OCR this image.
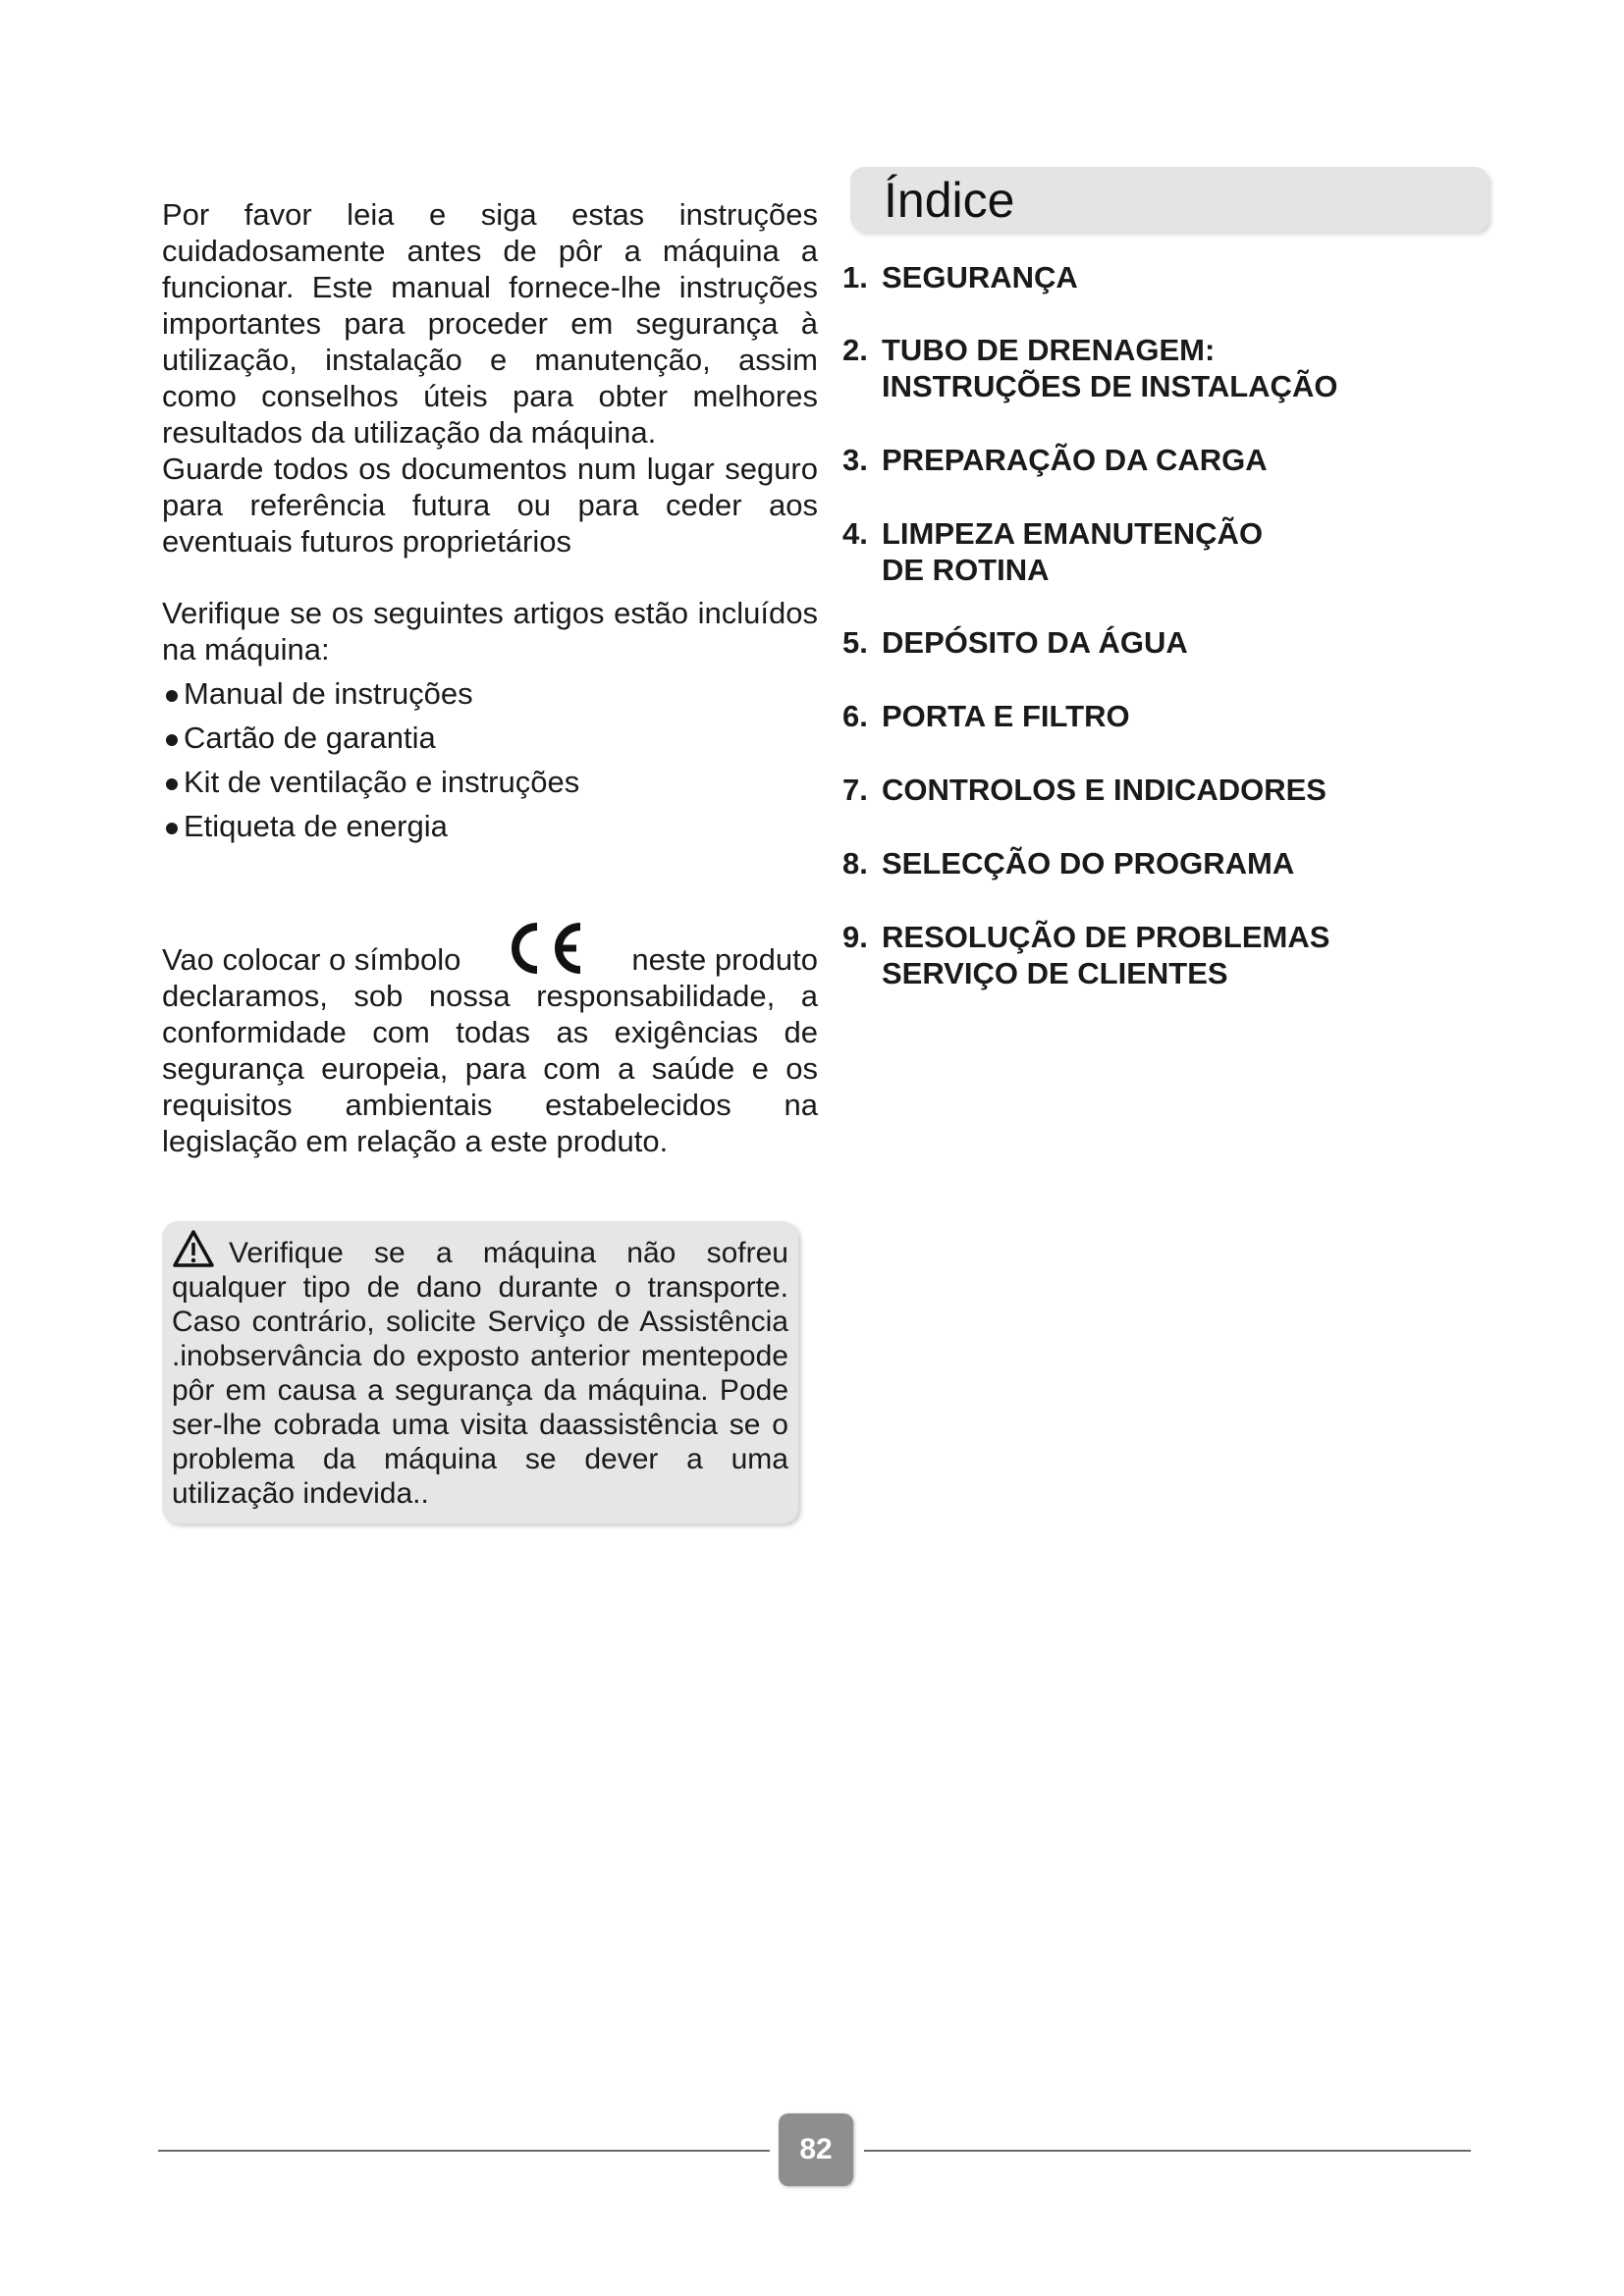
Por favor leia e siga estas instruções cuidadosamente antes de pôr a máquina a funcionar. Este manual fornece-lhe instruções importantes para proceder em segurança à utilização, instalação e manutenção, assim como conselhos úteis para obter melhores resultados da utilização da máquina.

Guarde todos os documentos num lugar seguro para referência futura ou para ceder aos eventuais futuros proprietários

Verifique se os seguintes artigos estão incluídos na máquina:

Manual de instruções
Cartão de garantia
Kit de ventilação e instruções
Etiqueta de energia
Vao colocar o símbolo	neste produto
declaramos, sob nossa responsabilidade, a conformidade com todas as exigências de segurança europeia, para com a saúde e os requisitos ambientais estabelecidos na legislação em relação a este produto.

Verifique se a máquina não sofreu qualquer tipo de dano durante o transporte. Caso contrário, solicite Serviço de Assistência .inobservância do exposto anterior mentepode pôr em causa a segurança da máquina. Pode ser-lhe cobrada uma visita daassistência se o problema da máquina se dever a uma utilização indevida..

Índice
1. SEGURANÇA
2. TUBO DE DRENAGEM:
INSTRUÇÕES DE INSTALAÇÃO
3. PREPARAÇÃO DA CARGA
4. LIMPEZA EMANUTENÇÃO
DE ROTINA
5. DEPÓSITO DA ÁGUA
6. PORTA E FILTRO
7. CONTROLOS E INDICADORES
8. SELECÇÃO DO PROGRAMA
9. RESOLUÇÃO DE PROBLEMAS
SERVIÇO DE CLIENTES
82
